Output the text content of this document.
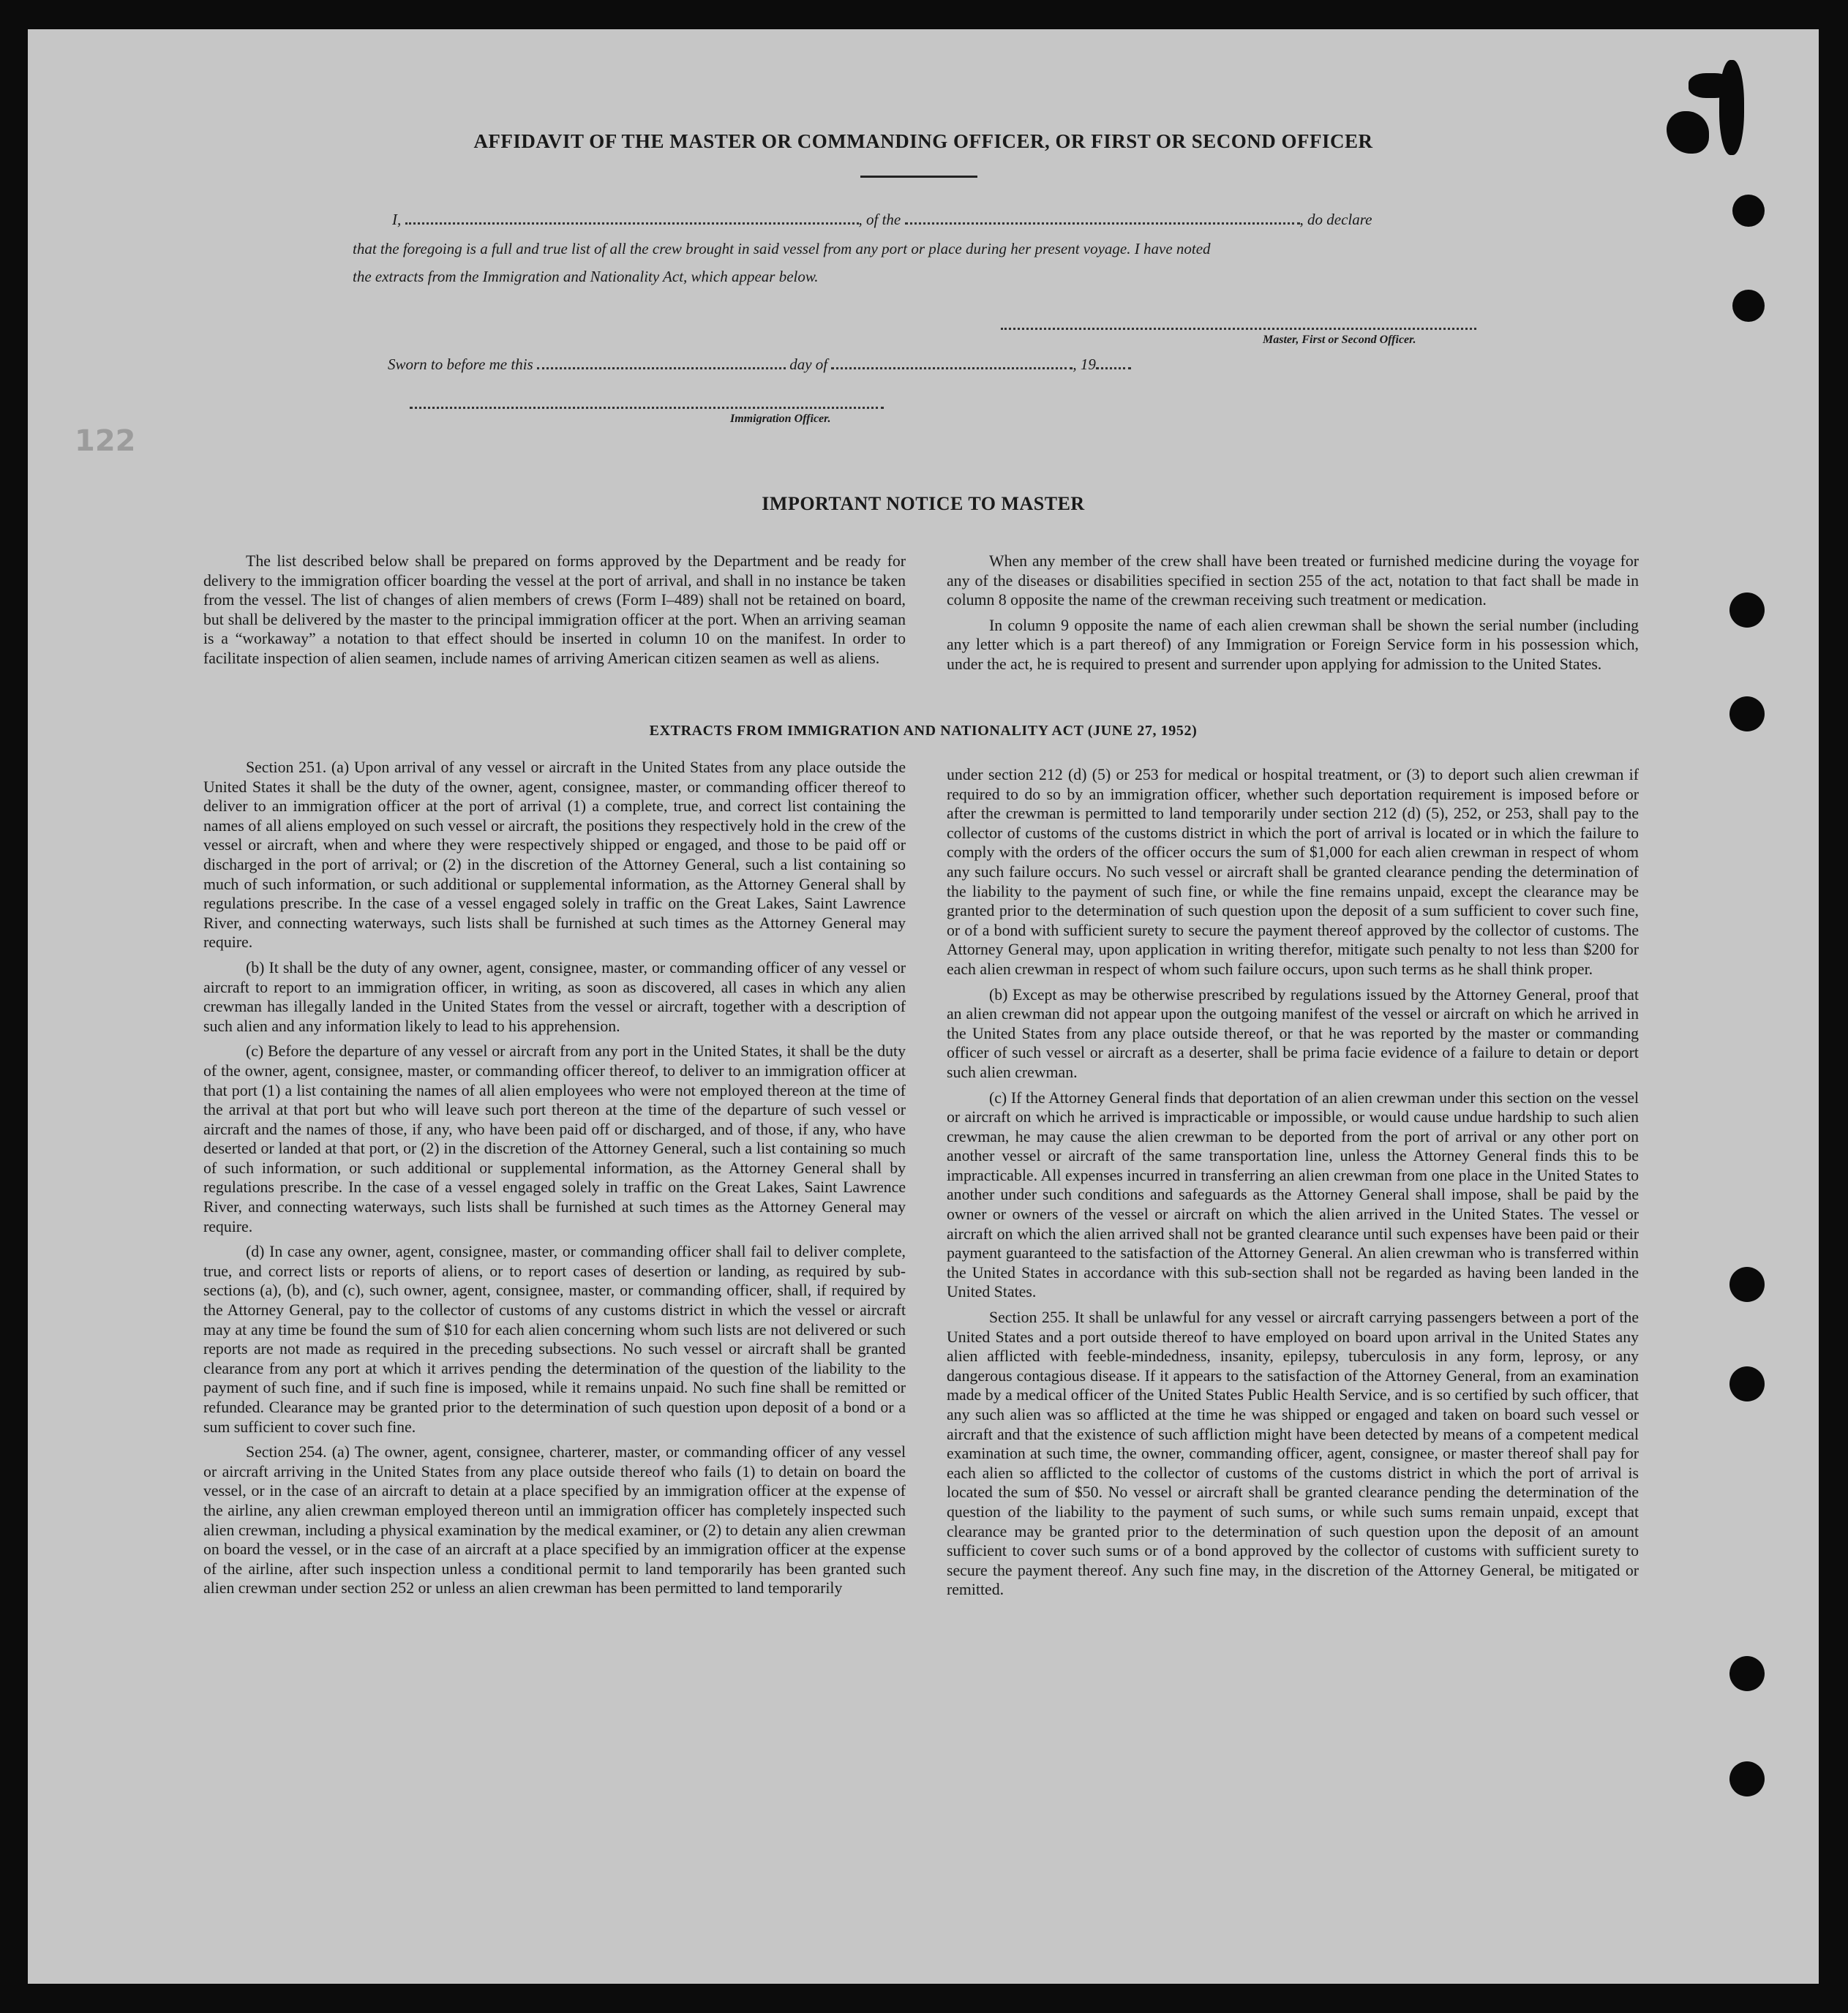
122
AFFIDAVIT OF THE MASTER OR COMMANDING OFFICER, OR FIRST OR SECOND OFFICER
I,	, of the	, do declare
that the foregoing is a full and true list of all the crew brought in said vessel from any port or place during her present voyage. I have noted
the extracts from the Immigration and Nationality Act, which appear below.
Master, First or Second Officer.
Sworn to before me this	day of	, 19
Immigration Officer.
IMPORTANT NOTICE TO MASTER

The list described below shall be prepared on forms approved by the Department and be ready for delivery to the immigration officer boarding the vessel at the port of arrival, and shall in no instance be taken from the vessel. The list of changes of alien members of crews (Form I–489) shall not be retained on board, but shall be delivered by the master to the principal immigration officer at the port. When an arriving seaman is a “workaway” a notation to that effect should be inserted in column 10 on the manifest. In order to facilitate inspection of alien seamen, include names of arriving American citizen seamen as well as aliens.

When any member of the crew shall have been treated or furnished medicine during the voyage for any of the diseases or disabilities specified in section 255 of the act, notation to that fact shall be made in column 8 opposite the name of the crewman receiving such treatment or medication.

In column 9 opposite the name of each alien crewman shall be shown the serial number (including any letter which is a part thereof) of any Immigration or Foreign Service form in his possession which, under the act, he is required to present and surrender upon applying for admission to the United States.

EXTRACTS FROM IMMIGRATION AND NATIONALITY ACT (JUNE 27, 1952)

Section 251. (a) Upon arrival of any vessel or aircraft in the United States from any place outside the United States it shall be the duty of the owner, agent, consignee, master, or commanding officer thereof to deliver to an immigration officer at the port of arrival (1) a complete, true, and correct list containing the names of all aliens employed on such vessel or aircraft, the positions they respectively hold in the crew of the vessel or aircraft, when and where they were respectively shipped or engaged, and those to be paid off or discharged in the port of arrival; or (2) in the discretion of the Attorney General, such a list containing so much of such information, or such additional or supplemental information, as the Attorney General shall by regulations prescribe. In the case of a vessel engaged solely in traffic on the Great Lakes, Saint Lawrence River, and connecting waterways, such lists shall be furnished at such times as the Attorney General may require.

(b) It shall be the duty of any owner, agent, consignee, master, or commanding officer of any vessel or aircraft to report to an immigration officer, in writing, as soon as discovered, all cases in which any alien crewman has illegally landed in the United States from the vessel or aircraft, together with a description of such alien and any information likely to lead to his apprehension.

(c) Before the departure of any vessel or aircraft from any port in the United States, it shall be the duty of the owner, agent, consignee, master, or commanding officer thereof, to deliver to an immigration officer at that port (1) a list containing the names of all alien employees who were not employed thereon at the time of the arrival at that port but who will leave such port thereon at the time of the departure of such vessel or aircraft and the names of those, if any, who have been paid off or discharged, and of those, if any, who have deserted or landed at that port, or (2) in the discretion of the Attorney General, such a list containing so much of such information, or such additional or supplemental information, as the Attorney General shall by regulations prescribe. In the case of a vessel engaged solely in traffic on the Great Lakes, Saint Lawrence River, and connecting waterways, such lists shall be furnished at such times as the Attorney General may require.

(d) In case any owner, agent, consignee, master, or commanding officer shall fail to deliver complete, true, and correct lists or reports of aliens, or to report cases of desertion or landing, as required by sub-sections (a), (b), and (c), such owner, agent, consignee, master, or commanding officer, shall, if required by the Attorney General, pay to the collector of customs of any customs district in which the vessel or aircraft may at any time be found the sum of $10 for each alien concerning whom such lists are not delivered or such reports are not made as required in the preceding subsections. No such vessel or aircraft shall be granted clearance from any port at which it arrives pending the determination of the question of the liability to the payment of such fine, and if such fine is imposed, while it remains unpaid. No such fine shall be remitted or refunded. Clearance may be granted prior to the determination of such question upon deposit of a bond or a sum sufficient to cover such fine.

Section 254. (a) The owner, agent, consignee, charterer, master, or commanding officer of any vessel or aircraft arriving in the United States from any place outside thereof who fails (1) to detain on board the vessel, or in the case of an aircraft to detain at a place specified by an immigration officer at the expense of the airline, any alien crewman employed thereon until an immigration officer has completely inspected such alien crewman, including a physical examination by the medical examiner, or (2) to detain any alien crewman on board the vessel, or in the case of an aircraft at a place specified by an immigration officer at the expense of the airline, after such inspection unless a conditional permit to land temporarily has been granted such alien crewman under section 252 or unless an alien crewman has been permitted to land temporarily

under section 212 (d) (5) or 253 for medical or hospital treatment, or (3) to deport such alien crewman if required to do so by an immigration officer, whether such deportation requirement is imposed before or after the crewman is permitted to land temporarily under section 212 (d) (5), 252, or 253, shall pay to the collector of customs of the customs district in which the port of arrival is located or in which the failure to comply with the orders of the officer occurs the sum of $1,000 for each alien crewman in respect of whom any such failure occurs. No such vessel or aircraft shall be granted clearance pending the determination of the liability to the payment of such fine, or while the fine remains unpaid, except the clearance may be granted prior to the determination of such question upon the deposit of a sum sufficient to cover such fine, or of a bond with sufficient surety to secure the payment thereof approved by the collector of customs. The Attorney General may, upon application in writing therefor, mitigate such penalty to not less than $200 for each alien crewman in respect of whom such failure occurs, upon such terms as he shall think proper.

(b) Except as may be otherwise prescribed by regulations issued by the Attorney General, proof that an alien crewman did not appear upon the outgoing manifest of the vessel or aircraft on which he arrived in the United States from any place outside thereof, or that he was reported by the master or commanding officer of such vessel or aircraft as a deserter, shall be prima facie evidence of a failure to detain or deport such alien crewman.

(c) If the Attorney General finds that deportation of an alien crewman under this section on the vessel or aircraft on which he arrived is impracticable or impossible, or would cause undue hardship to such alien crewman, he may cause the alien crewman to be deported from the port of arrival or any other port on another vessel or aircraft of the same transportation line, unless the Attorney General finds this to be impracticable. All expenses incurred in transferring an alien crewman from one place in the United States to another under such conditions and safeguards as the Attorney General shall impose, shall be paid by the owner or owners of the vessel or aircraft on which the alien arrived in the United States. The vessel or aircraft on which the alien arrived shall not be granted clearance until such expenses have been paid or their payment guaranteed to the satisfaction of the Attorney General. An alien crewman who is transferred within the United States in accordance with this sub-section shall not be regarded as having been landed in the United States.

Section 255. It shall be unlawful for any vessel or aircraft carrying passengers between a port of the United States and a port outside thereof to have employed on board upon arrival in the United States any alien afflicted with feeble-mindedness, insanity, epilepsy, tuberculosis in any form, leprosy, or any dangerous contagious disease. If it appears to the satisfaction of the Attorney General, from an examination made by a medical officer of the United States Public Health Service, and is so certified by such officer, that any such alien was so afflicted at the time he was shipped or engaged and taken on board such vessel or aircraft and that the existence of such affliction might have been detected by means of a competent medical examination at such time, the owner, commanding officer, agent, consignee, or master thereof shall pay for each alien so afflicted to the collector of customs of the customs district in which the port of arrival is located the sum of $50. No vessel or aircraft shall be granted clearance pending the determination of the question of the liability to the payment of such sums, or while such sums remain unpaid, except that clearance may be granted prior to the determination of such question upon the deposit of an amount sufficient to cover such sums or of a bond approved by the collector of customs with sufficient surety to secure the payment thereof. Any such fine may, in the discretion of the Attorney General, be mitigated or remitted.
